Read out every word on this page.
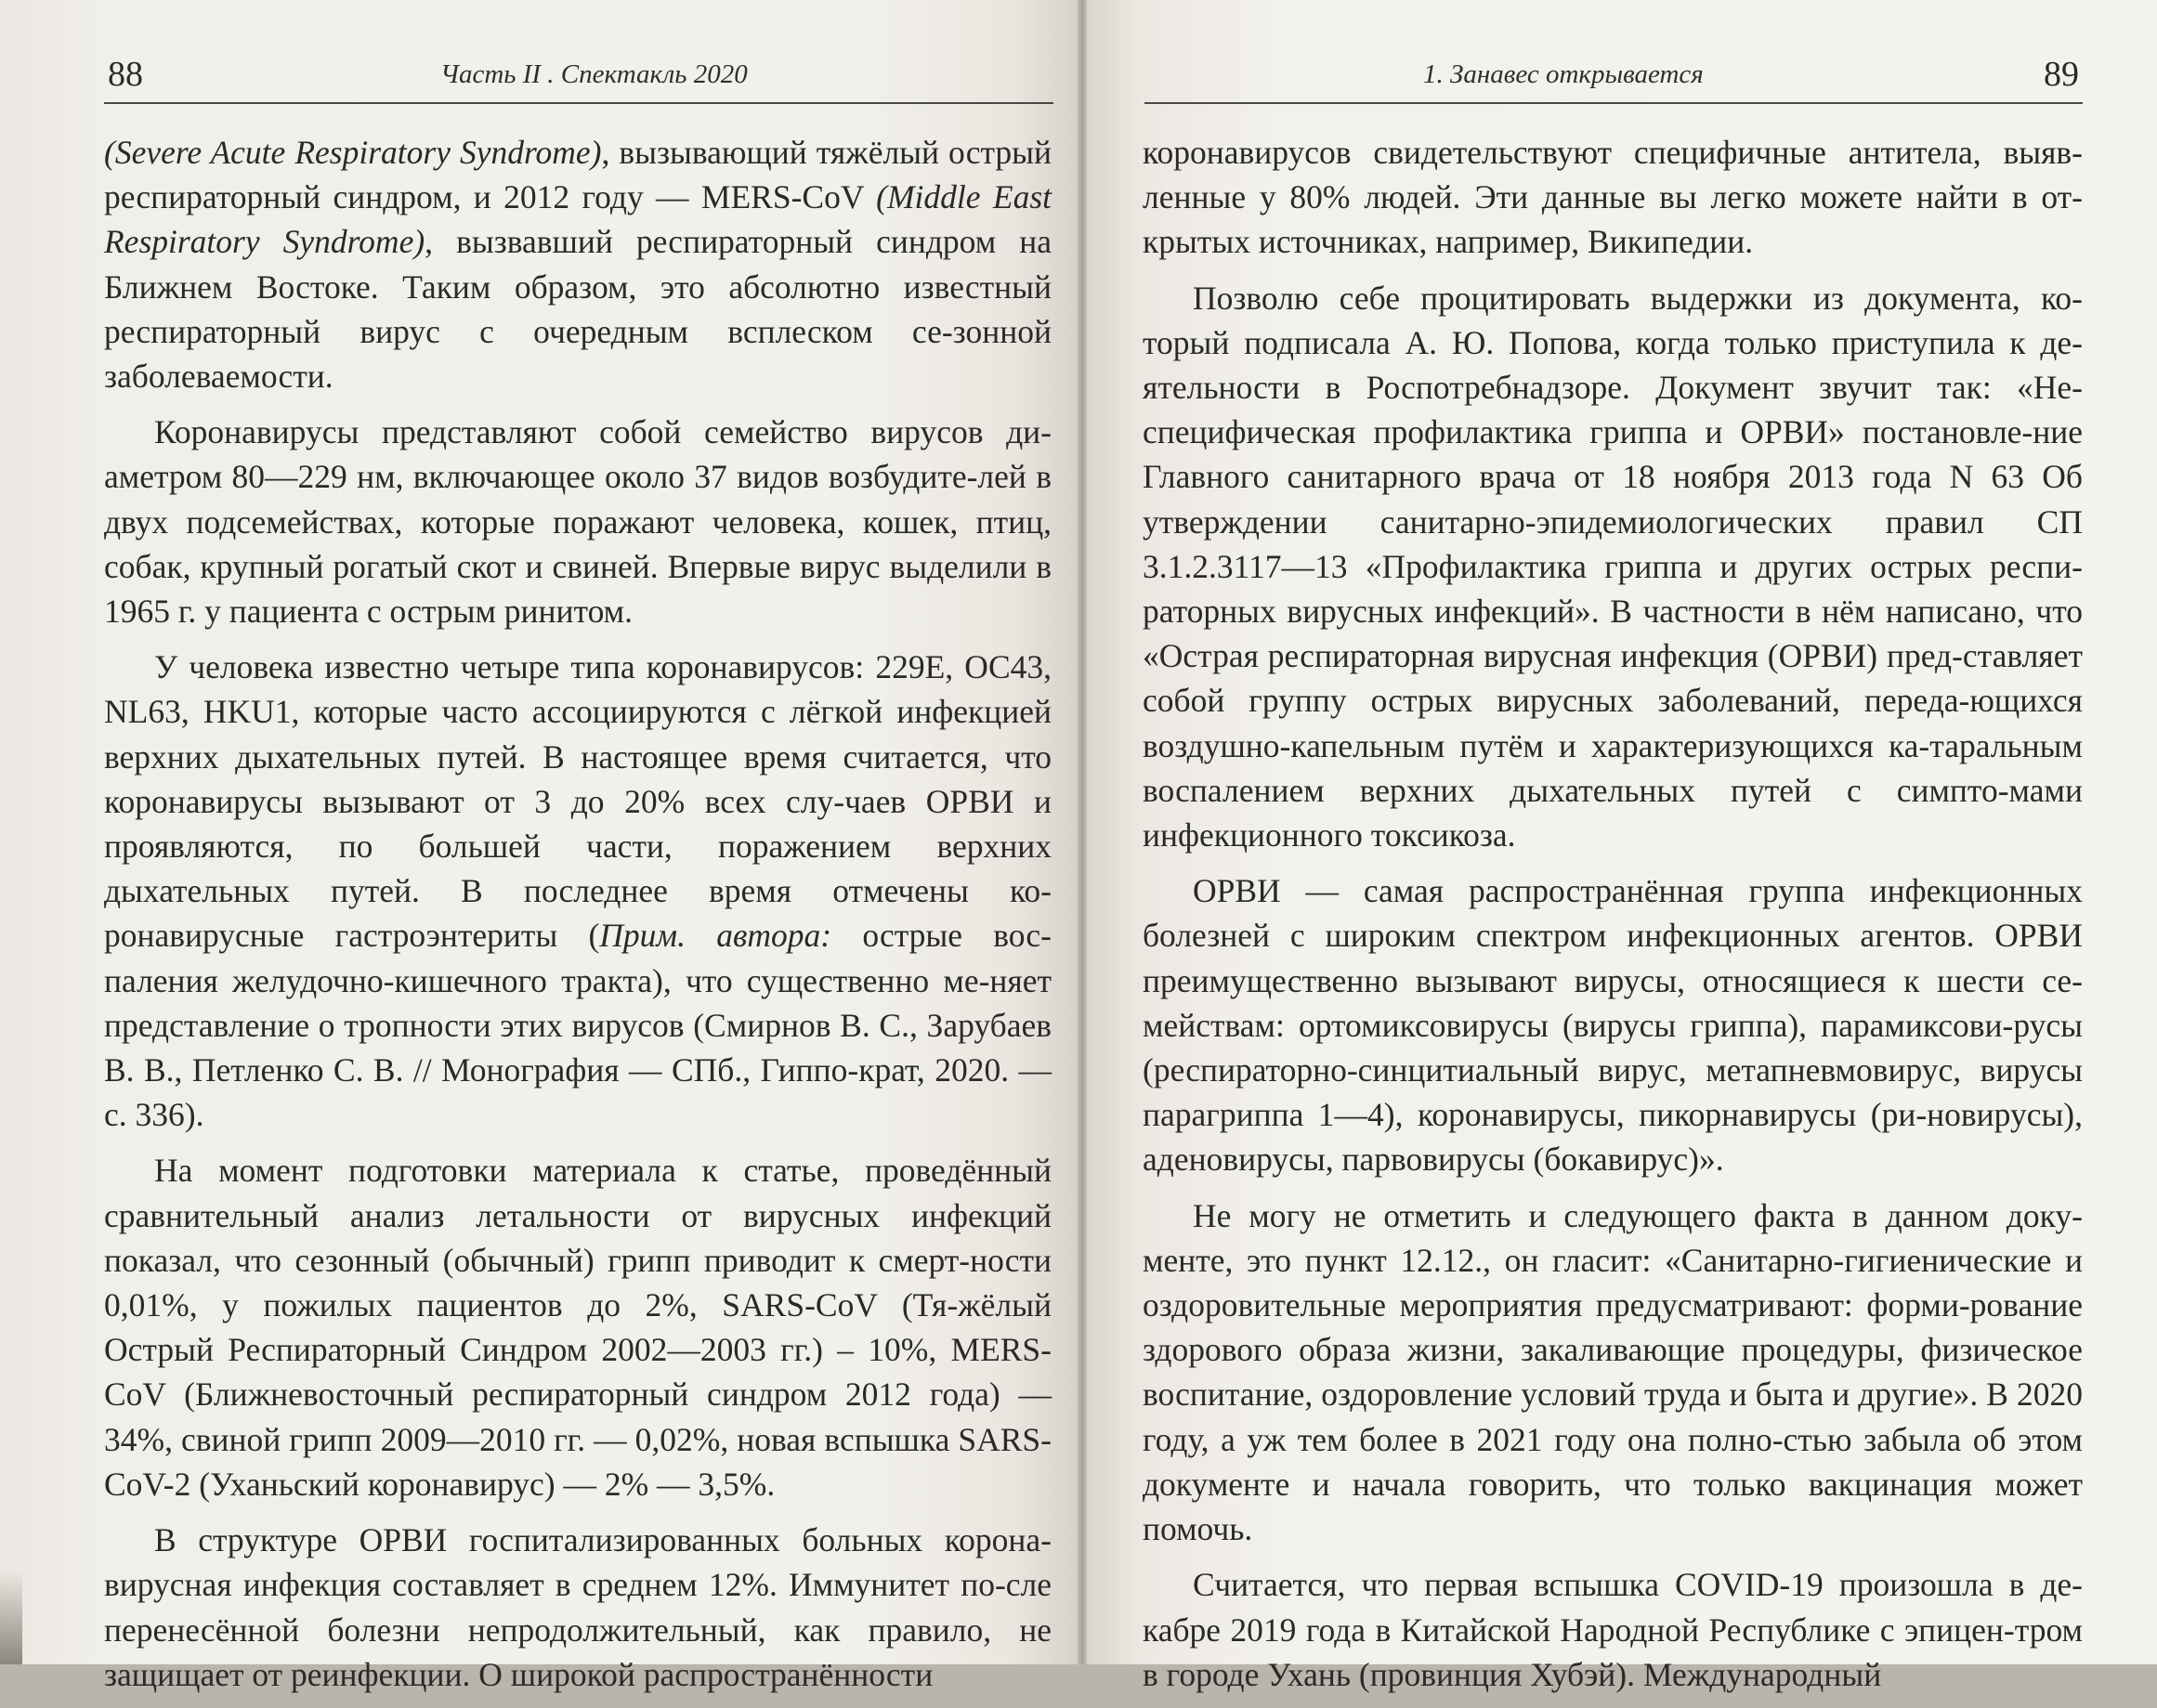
88	Часть II . Спектакль 2020

(Severe Acute Respiratory Syndrome), вызывающий тяжёлый острый респираторный синдром, и 2012 году — MERS-CoV (Middle East Respiratory Syndrome), вызвавший респираторный синдром на Ближнем Востоке. Таким образом, это абсолютно известный респираторный вирус с очередным всплеском се-зонной заболеваемости.

Коронавирусы представляют собой семейство вирусов ди-аметром 80—229 нм, включающее около 37 видов возбудите-лей в двух подсемействах, которые поражают человека, кошек, птиц, собак, крупный рогатый скот и свиней. Впервые вирус выделили в 1965 г. у пациента с острым ринитом.

У человека известно четыре типа коронавирусов: 229E, OC43, NL63, HKU1, которые часто ассоциируются с лёгкой инфекцией верхних дыхательных путей. В настоящее время считается, что коронавирусы вызывают от 3 до 20% всех слу-чаев ОРВИ и проявляются, по большей части, поражением верхних дыхательных путей. В последнее время отмечены ко-ронавирусные гастроэнтериты (Прим. автора: острые вос-паления желудочно-кишечного тракта), что существенно ме-няет представление о тропности этих вирусов (Смирнов В. С., Зарубаев В. В., Петленко С. В. // Монография — СПб., Гиппо-крат, 2020. — с. 336).

На момент подготовки материала к статье, проведённый сравнительный анализ летальности от вирусных инфекций показал, что сезонный (обычный) грипп приводит к смерт-ности 0,01%, у пожилых пациентов до 2%, SARS-CoV (Тя-жёлый Острый Респираторный Синдром 2002—2003 гг.) – 10%, MERS-CoV (Ближневосточный респираторный синдром 2012 года) — 34%, свиной грипп 2009—2010 гг. — 0,02%, новая вспышка SARS-CoV-2 (Уханьский коронавирус) — 2% — 3,5%.

В структуре ОРВИ госпитализированных больных корона-вирусная инфекция составляет в среднем 12%. Иммунитет по-сле перенесённой болезни непродолжительный, как правило, не защищает от реинфекции. О широкой распространённости

1. Занавес открывается	89

коронавирусов свидетельствуют специфичные антитела, выяв-ленные у 80% людей. Эти данные вы легко можете найти в от-крытых источниках, например, Википедии.

Позволю себе процитировать выдержки из документа, ко-торый подписала А. Ю. Попова, когда только приступила к де-ятельности в Роспотребнадзоре. Документ звучит так: «Не-специфическая профилактика гриппа и ОРВИ» постановле-ние Главного санитарного врача от 18 ноября 2013 года N 63 Об утверждении санитарно-эпидемиологических правил СП 3.1.2.3117—13 «Профилактика гриппа и других острых респи-раторных вирусных инфекций». В частности в нём написано, что «Острая респираторная вирусная инфекция (ОРВИ) пред-ставляет собой группу острых вирусных заболеваний, переда-ющихся воздушно-капельным путём и характеризующихся ка-таральным воспалением верхних дыхательных путей с симпто-мами инфекционного токсикоза.

ОРВИ — самая распространённая группа инфекционных болезней с широким спектром инфекционных агентов. ОРВИ преимущественно вызывают вирусы, относящиеся к шести се-мействам: ортомиксовирусы (вирусы гриппа), парамиксови-русы (респираторно-синцитиальный вирус, метапневмовирус, вирусы парагриппа 1—4), коронавирусы, пикорнавирусы (ри-новирусы), аденовирусы, парвовирусы (бокавирус)».

Не могу не отметить и следующего факта в данном доку-менте, это пункт 12.12., он гласит: «Санитарно-гигиенические и оздоровительные мероприятия предусматривают: форми-рование здорового образа жизни, закаливающие процедуры, физическое воспитание, оздоровление условий труда и быта и другие». В 2020 году, а уж тем более в 2021 году она полно-стью забыла об этом документе и начала говорить, что только вакцинация может помочь.

Считается, что первая вспышка COVID-19 произошла в де-кабре 2019 года в Китайской Народной Республике с эпицен-тром в городе Ухань (провинция Хубэй). Международный
